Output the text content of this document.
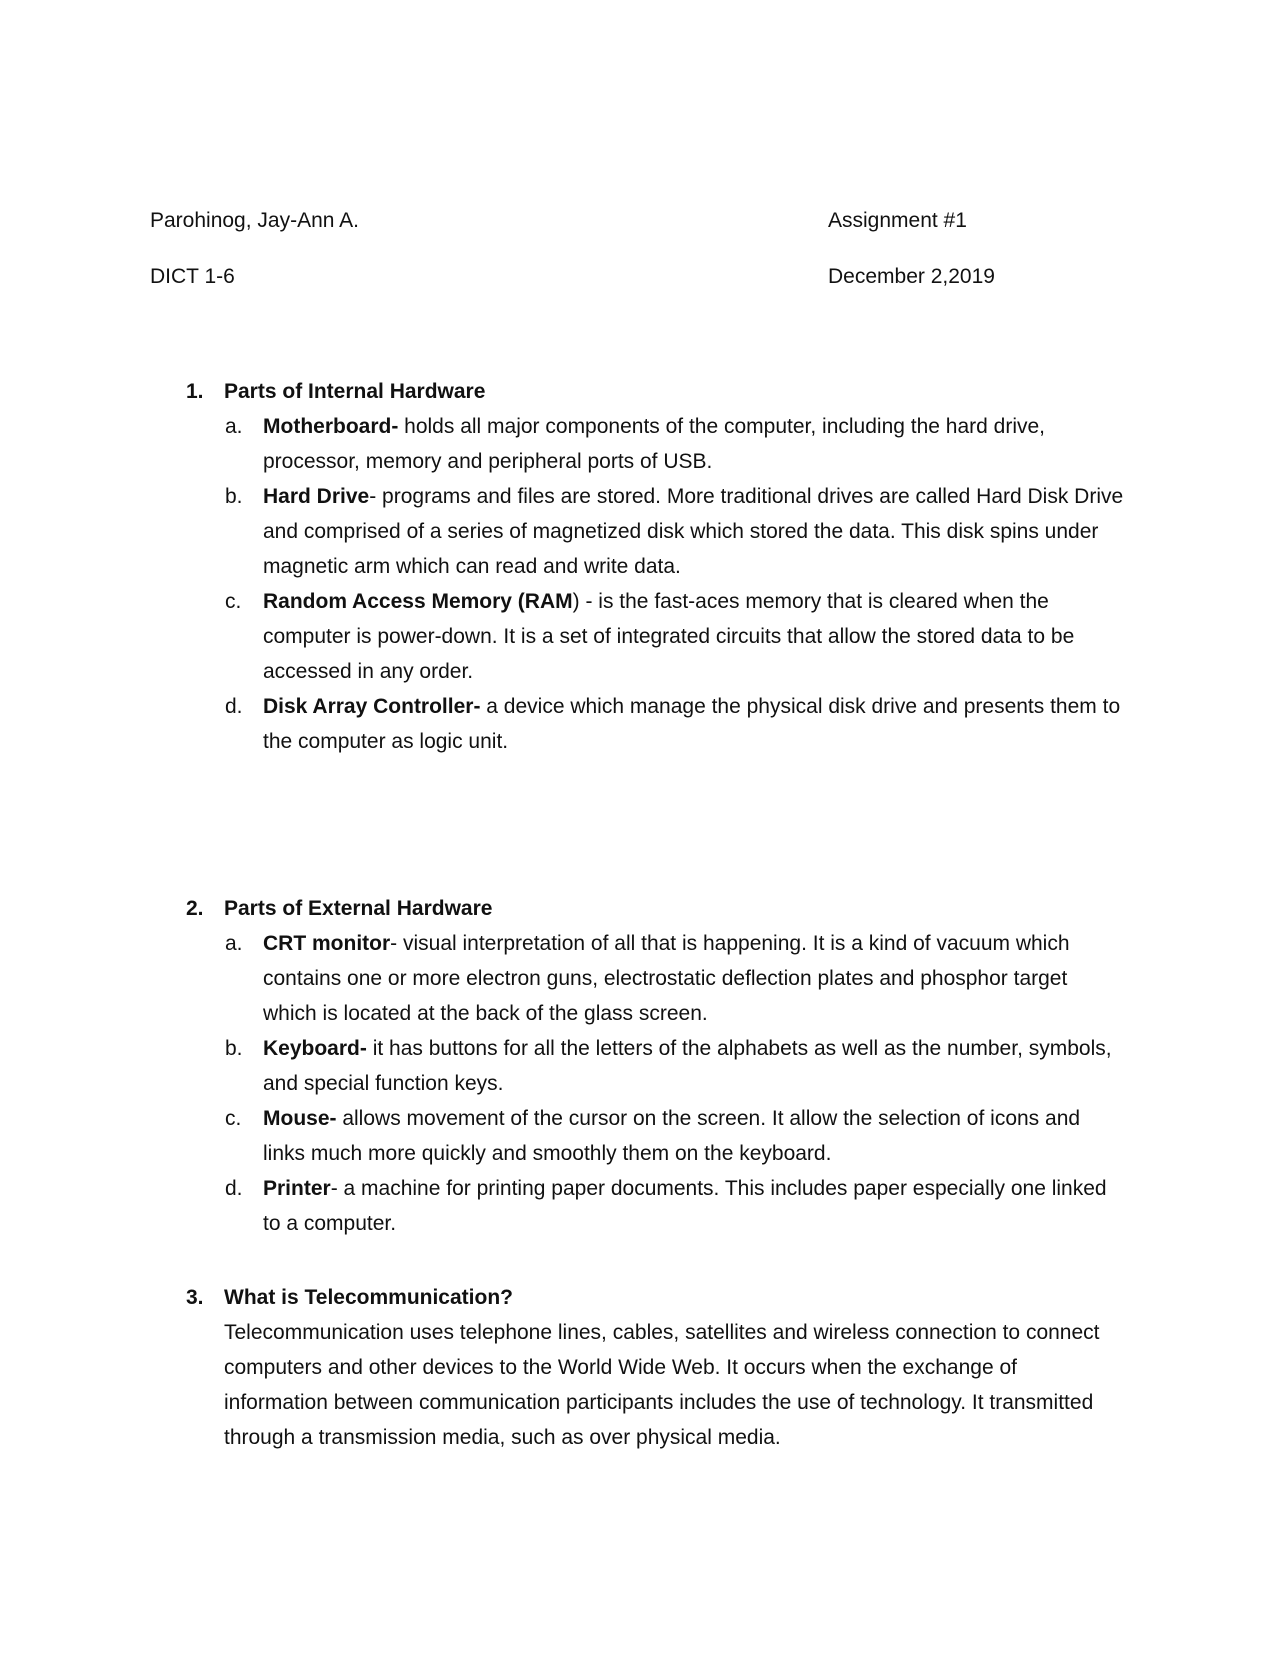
Parohinog, Jay-Ann A.	Assignment #1
DICT 1-6	December 2,2019
1. Parts of Internal Hardware
a. Motherboard- holds all major components of the computer, including the hard drive, processor, memory and peripheral ports of USB.
b. Hard Drive- programs and files are stored. More traditional drives are called Hard Disk Drive and comprised of a series of magnetized disk which stored the data. This disk spins under magnetic arm which can read and write data.
c. Random Access Memory (RAM) - is the fast-aces memory that is cleared when the computer is power-down. It is a set of integrated circuits that allow the stored data to be accessed in any order.
d. Disk Array Controller- a device which manage the physical disk drive and presents them to the computer as logic unit.
2. Parts of External Hardware
a. CRT monitor- visual interpretation of all that is happening. It is a kind of vacuum which contains one or more electron guns, electrostatic deflection plates and phosphor target which is located at the back of the glass screen.
b. Keyboard- it has buttons for all the letters of the alphabets as well as the number, symbols, and special function keys.
c. Mouse- allows movement of the cursor on the screen. It allow the selection of icons and links much more quickly and smoothly them on the keyboard.
d. Printer- a machine for printing paper documents. This includes paper especially one linked to a computer.
3. What is Telecommunication?
Telecommunication uses telephone lines, cables, satellites and wireless connection to connect computers and other devices to the World Wide Web. It occurs when the exchange of information between communication participants includes the use of technology. It transmitted through a transmission media, such as over physical media.
